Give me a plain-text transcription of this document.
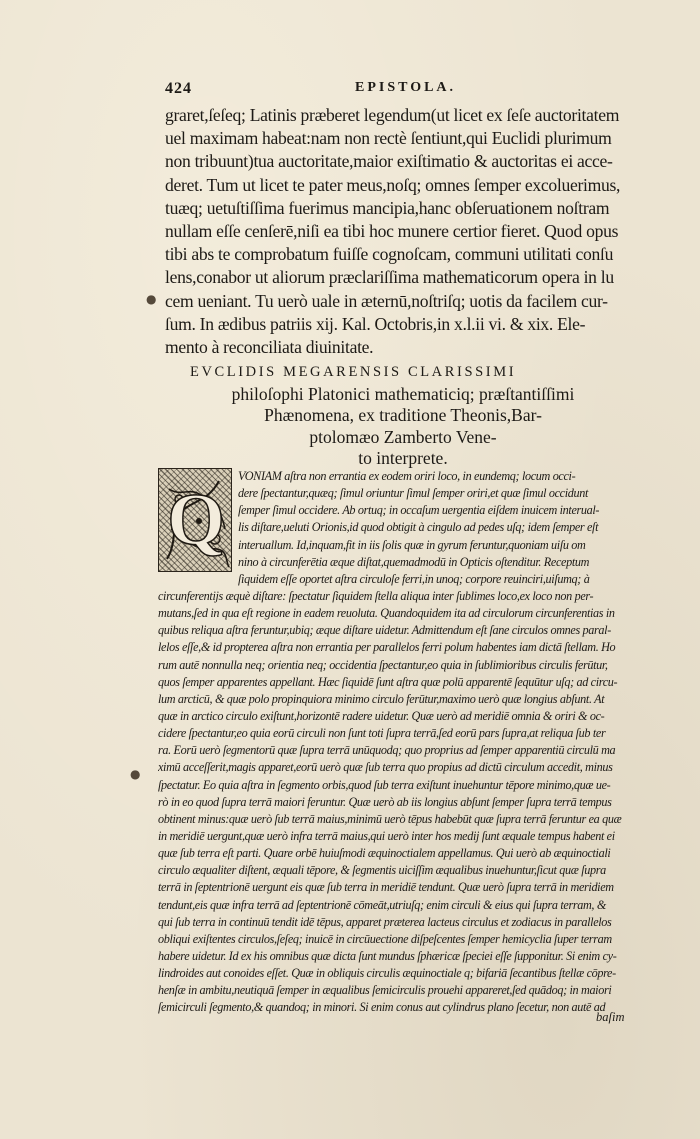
424	EPISTOLA.
graret,ſeſeq; Latinis præberet legendum(ut licet ex ſeſe auctoritatem
uel maximam habeat:nam non rectè ſentiunt,qui Euclidi plurimum
non tribuunt)tua auctoritate,maior exiſtimatio & auctoritas ei acce-
deret. Tum ut licet te pater meus,noſq; omnes ſemper excoluerimus,
tuæq; uetuſtiſſima fuerimus mancipia,hanc obſeruationem noſtram
nullam eſſe cenſerē,niſi ea tibi hoc munere certior fieret. Quod opus
tibi abs te comprobatum fuiſſe cognoſcam, communi utilitati conſu
lens,conabor ut aliorum præclariſſima mathematicorum opera in lu
cem ueniant. Tu uerò uale in æternū,noſtriſq; uotis da facilem cur-
ſum. In ædibus patriis xij. Kal. Octobris,in x.l.ii vi. & xix. Ele-
mento à reconciliata diuinitate.
●
EVCLIDIS MEGARENSIS CLARISSIMI
philoſophi Platonici mathematiciq; præſtantiſſimi
Phænomena, ex traditione Theonis,Bar-
ptolomæo Zamberto Vene-
to interprete.
Q
VONIAM aſtra non errantia ex eodem oriri loco, in eundemq; locum occi-
dere ſpectantur,quæq; ſimul oriuntur ſimul ſemper oriri,et quæ ſimul occidunt
ſemper ſimul occidere. Ab ortuq; in occaſum uergentia eiſdem inuicem interual-
lis diſtare,ueluti Orionis,id quod obtigit à cingulo ad pedes uſq; idem ſemper eſt
interuallum. Id,inquam,fit in iis ſolis quæ in gyrum feruntur,quoniam uiſu om
nino à circunferētia æque diſtat,quemadmodū in Opticis oſtenditur. Receptum
ſiquidem eſſe oportet aſtra circuloſe ferri,in unoq; corpore reuinciri,uiſumq; à
circunferentijs æquè diſtare: ſpectatur ſiquidem ſtella aliqua inter ſublimes loco,ex loco non per-
mutans,ſed in qua eſt regione in eadem reuoluta. Quandoquidem ita ad circulorum circunferentias in
quibus reliqua aſtra feruntur,ubiq; æque diſtare uidetur. Admittendum eſt ſane circulos omnes paral-
lelos eſſe,& id propterea aſtra non errantia per parallelos ferri polum habentes iam dictā ſtellam. Ho
rum autē nonnulla neq; orientia neq; occidentia ſpectantur,eo quia in ſublimioribus circulis ferūtur,
quos ſemper apparentes appellant. Hæc ſiquidē ſunt aſtra quæ polū apparentē ſequūtur uſq; ad circu-
lum arcticū, & quæ polo propinquiora minimo circulo ferūtur,maximo uerò quæ longius abſunt. At
quæ in arctico circulo exiſtunt,horizontē radere uidetur. Quæ uerò ad meridiē omnia & oriri & oc-
cidere ſpectantur,eo quia eorū circuli non ſunt toti ſupra terrā,ſed eorū pars ſupra,at reliqua ſub ter
ra. Eorū uerò ſegmentorū quæ ſupra terrā unūquodq; quo proprius ad ſemper apparentiū circulū ma
ximū acceſſerit,magis apparet,eorū uerò quæ ſub terra quo propius ad dictū circulum accedit, minus
ſpectatur. Eo quia aſtra in ſegmento orbis,quod ſub terra exiſtunt inuehuntur tēpore minimo,quæ ue-
rò in eo quod ſupra terrā maiori feruntur. Quæ uerò ab iis longius abſunt ſemper ſupra terrā tempus
obtinent minus:quæ uerò ſub terrā maius,minimū uerò tēpus habebūt quæ ſupra terrā feruntur ea quæ
in meridiē uergunt,quæ uerò infra terrā maius,qui uerò inter hos medij ſunt æquale tempus habent ei
quæ ſub terra eſt parti. Quare orbē huiuſmodi æquinoctialem appellamus. Qui uerò ab æquinoctiali
circulo æqualiter diſtent, æquali tēpore, & ſegmentis uiciſſim æqualibus inuehuntur,ſicut quæ ſupra
terrā in ſeptentrionē uergunt eis quæ ſub terra in meridiē tendunt. Quæ uerò ſupra terrā in meridiem
tendunt,eis quæ infra terrā ad ſeptentrionē cōmeāt,utriuſq; enim circuli & eius qui ſupra terram, &
qui ſub terra in continuū tendit idē tēpus, apparet præterea lacteus circulus et zodiacus in parallelos
obliqui exiſtentes circulos,ſeſeq; inuicē in circūuectione diſpeſcentes ſemper hemicyclia ſuper terram
habere uidetur. Id ex his omnibus quæ dicta ſunt mundus ſphæricæ ſpeciei eſſe ſupponitur. Si enim cy-
lindroides aut conoides eſſet. Quæ in obliquis circulis æquinoctiale q; bifariā ſecantibus ſtellæ cōpre-
henſæ in ambitu,neutiquā ſemper in æqualibus ſemicirculis prouehi appareret,ſed quādoq; in maiori
ſemicirculi ſegmento,& quandoq; in minori. Si enim conus aut cylindrus plano ſecetur, non autē ad
●
baſim
